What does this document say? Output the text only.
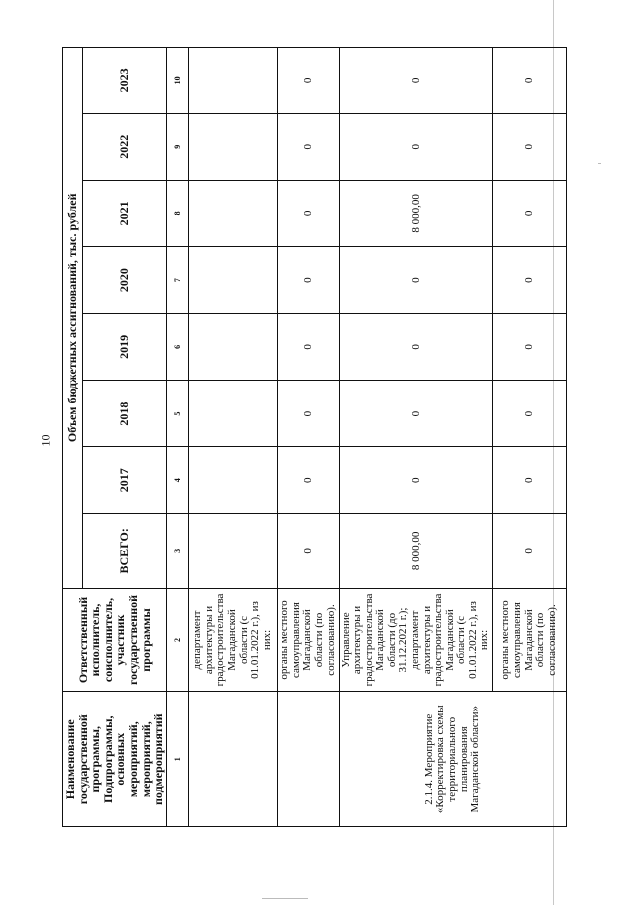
10
Наименование государственной программы, Подпрограммы, основных мероприятий, мероприятий, подмероприятий	Ответственный исполнитель, соисполнитель, участник государственной программы	Объем бюджетных ассигнований, тыс. рублей							
		ВСЕГО:	2017	2018	2019	2020	2021	2022	2023
1	2	3	4	5	6	7	8	9	10

	департамент архитектуры и градостроительства Магаданской области (с 01.01.2022 г.), из них:								

	органы местного самоуправления Магаданской области (по согласованию).	0	0	0	0	0	0	0	0
2.1.4. Мероприятие «Корректировка схемы территориального планирования Магаданской области»	Управление архитектуры и градостроительства Магаданской области (до 31.12.2021 г.); департамент архитектуры и градостроительства Магаданской области (с 01.01.2022 г.), из них:	8 000,00	0	0	0	0	8 000,00	0	0

	органы местного самоуправления Магаданской области (по согласованию).	0	0	0	0	0	0	0	0
